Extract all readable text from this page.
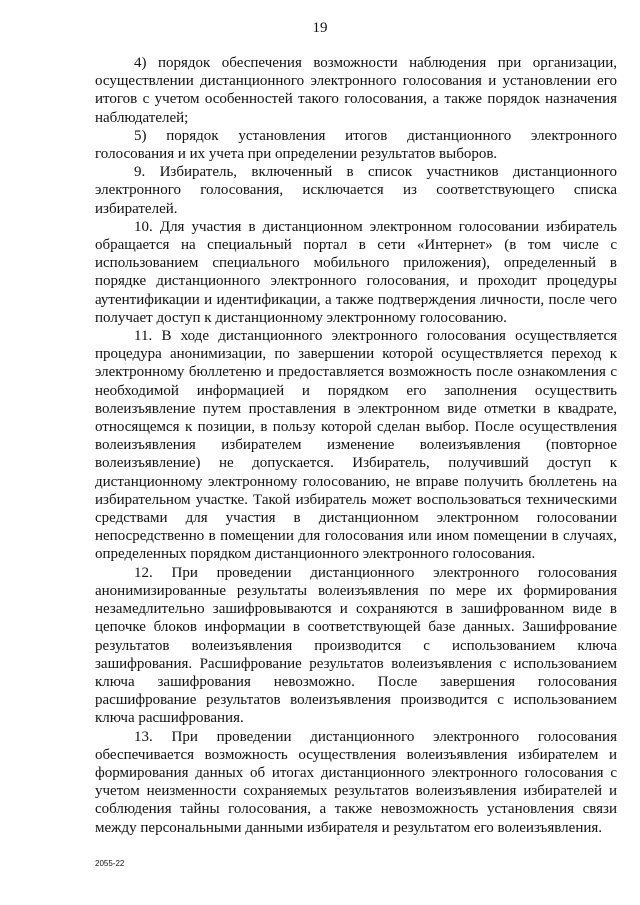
19

4) порядок обеспечения возможности наблюдения при организации, осуществлении дистанционного электронного голосования и установлении его итогов с учетом особенностей такого голосования, а также порядок назначения наблюдателей;

5) порядок установления итогов дистанционного электронного голосования и их учета при определении результатов выборов.

9. Избиратель, включенный в список участников дистанционного электронного голосования, исключается из соответствующего списка избирателей.

10. Для участия в дистанционном электронном голосовании избиратель обращается на специальный портал в сети «Интернет» (в том числе с использованием специального мобильного приложения), определенный в порядке дистанционного электронного голосования, и проходит процедуры аутентификации и идентификации, а также подтверждения личности, после чего получает доступ к дистанционному электронному голосованию.

11. В ходе дистанционного электронного голосования осуществляется процедура анонимизации, по завершении которой осуществляется переход к электронному бюллетеню и предоставляется возможность после ознакомления с необходимой информацией и порядком его заполнения осуществить волеизъявление путем проставления в электронном виде отметки в квадрате, относящемся к позиции, в пользу которой сделан выбор. После осуществления волеизъявления избирателем изменение волеизъявления (повторное волеизъявление) не допускается. Избиратель, получивший доступ к дистанционному электронному голосованию, не вправе получить бюллетень на избирательном участке. Такой избиратель может воспользоваться техническими средствами для участия в дистанционном электронном голосовании непосредственно в помещении для голосования или ином помещении в случаях, определенных порядком дистанционного электронного голосования.

12. При проведении дистанционного электронного голосования анонимизированные результаты волеизъявления по мере их формирования незамедлительно зашифровываются и сохраняются в зашифрованном виде в цепочке блоков информации в соответствующей базе данных. Зашифрование результатов волеизъявления производится с использованием ключа зашифрования. Расшифрование результатов волеизъявления с использованием ключа зашифрования невозможно. После завершения голосования расшифрование результатов волеизъявления производится с использованием ключа расшифрования.

13. При проведении дистанционного электронного голосования обеспечивается возможность осуществления волеизъявления избирателем и формирования данных об итогах дистанционного электронного голосования с учетом неизменности сохраняемых результатов волеизъявления избирателей и соблюдения тайны голосования, а также невозможность установления связи между персональными данными избирателя и результатом его волеизъявления.

2055-22
